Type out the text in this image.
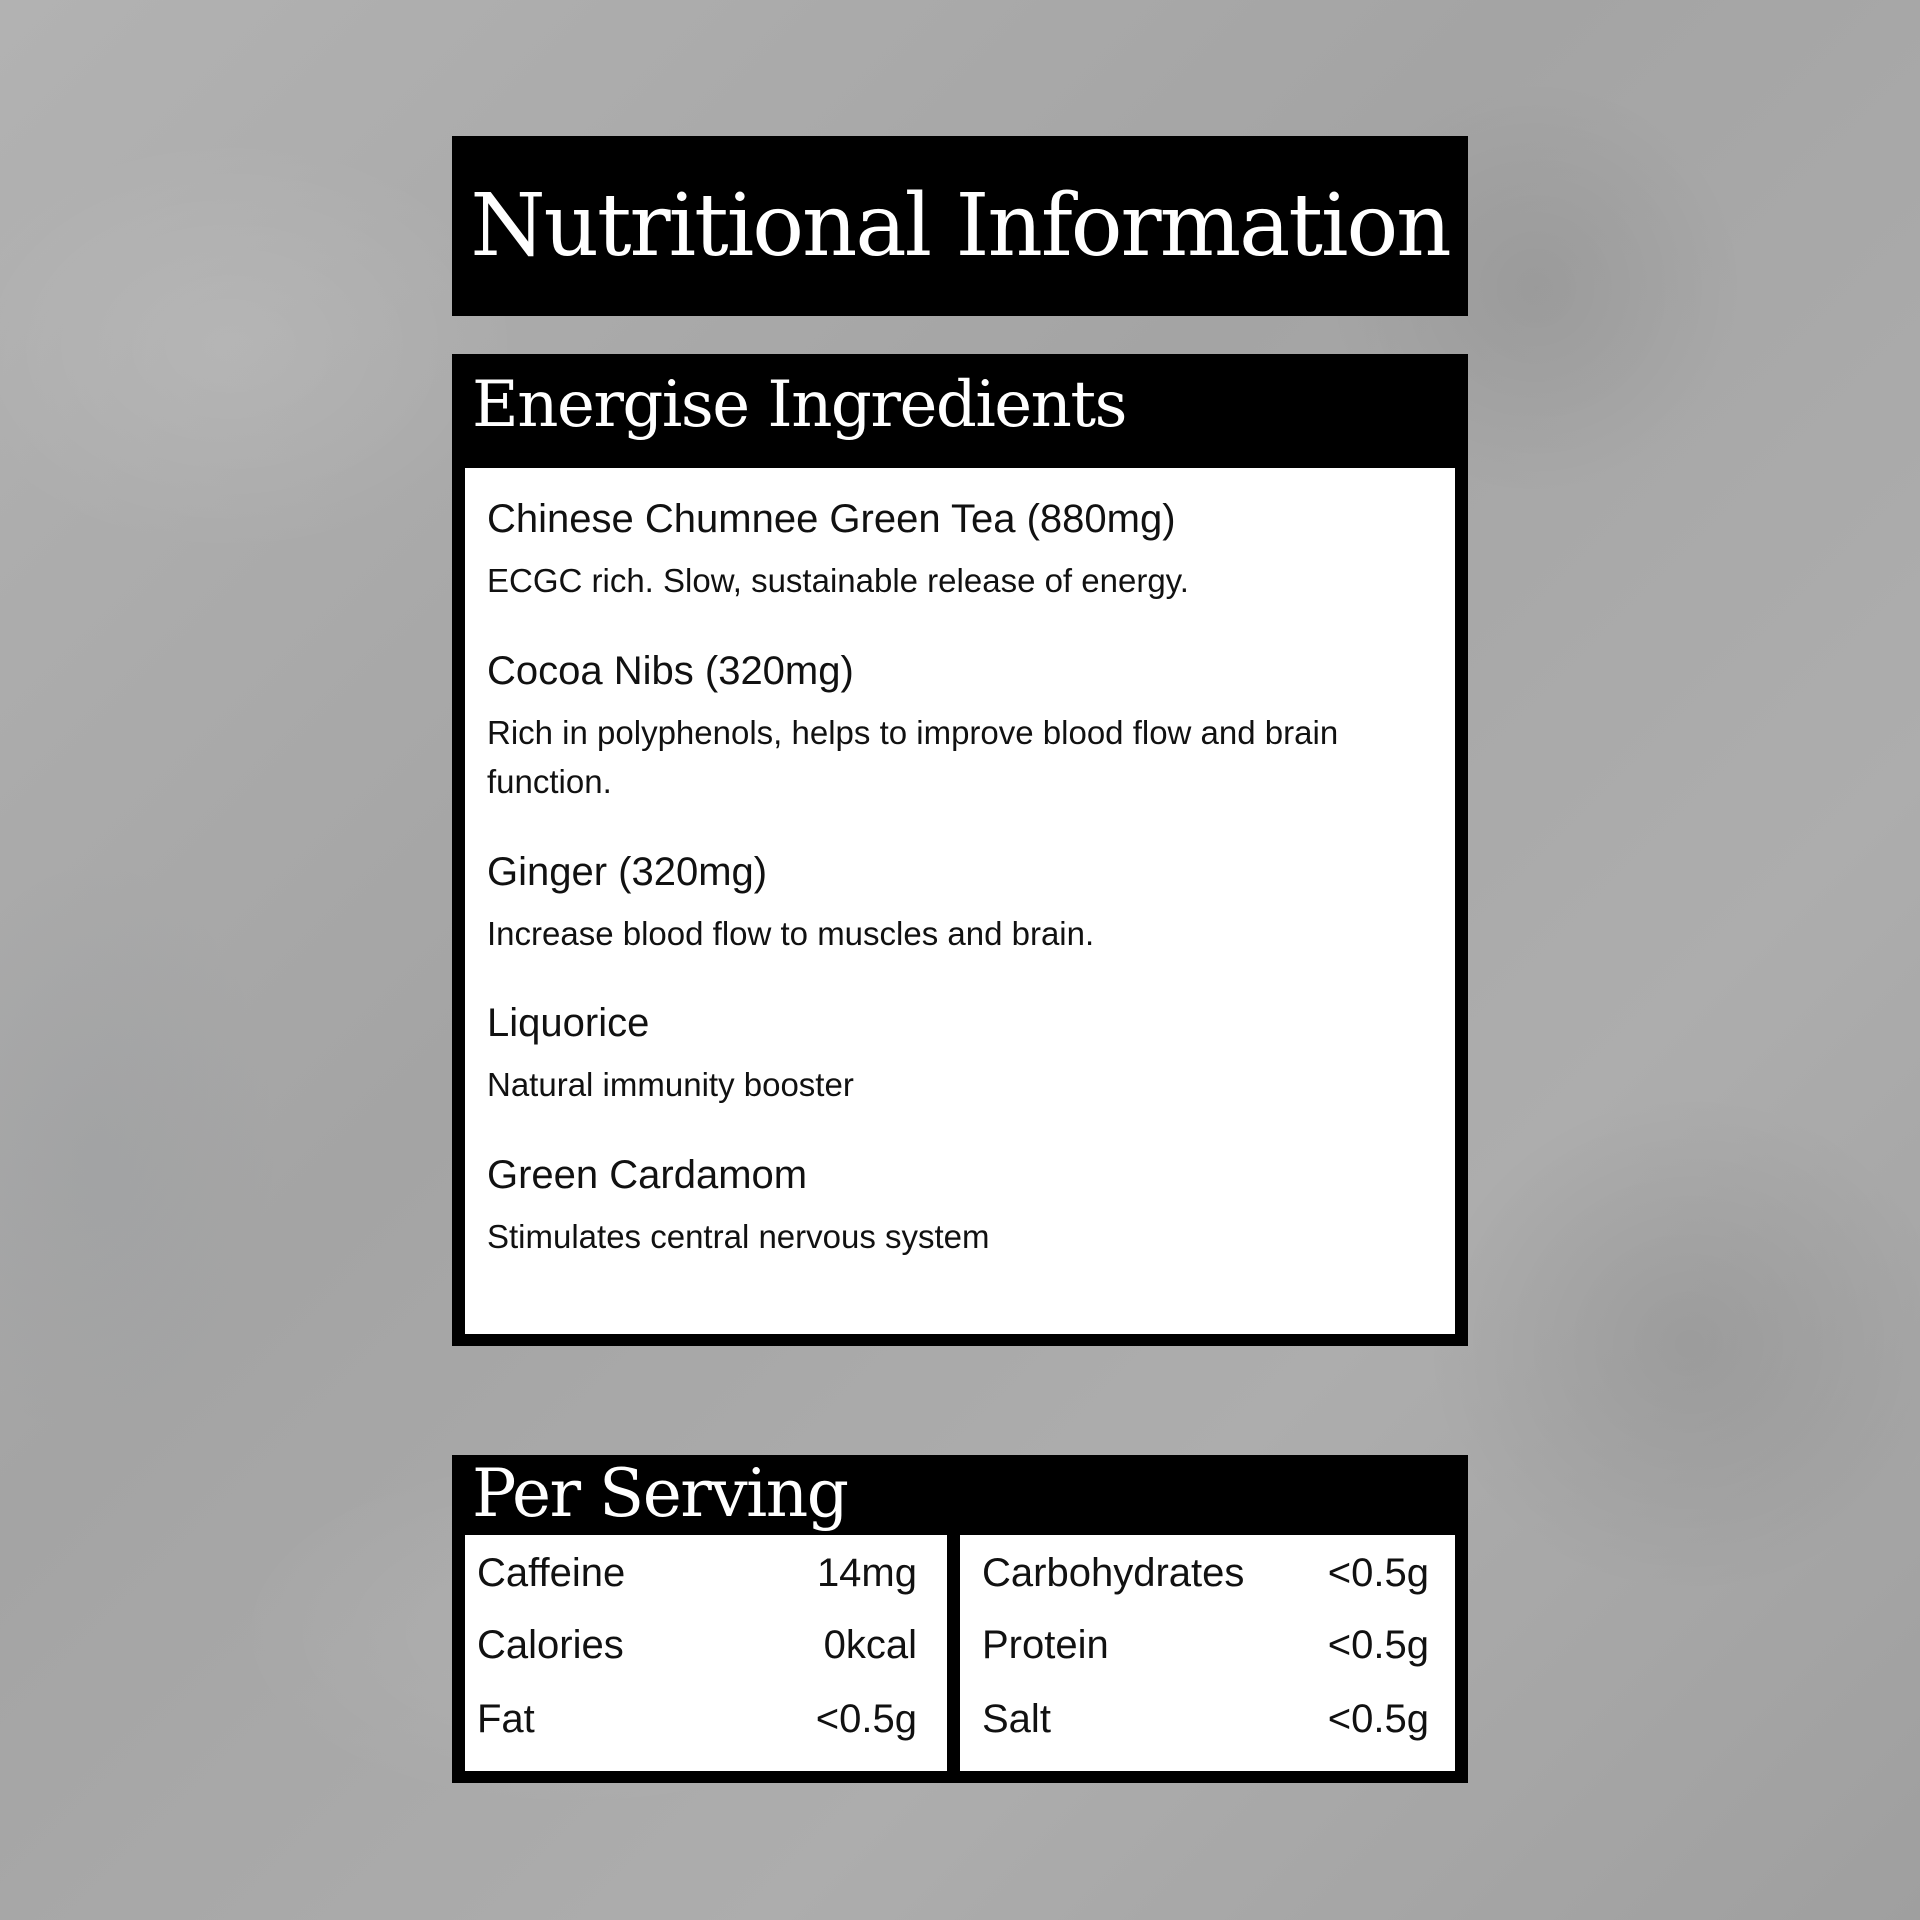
Nutritional Information
Energise Ingredients

Chinese Chumnee Green Tea (880mg)

ECGC rich. Slow, sustainable release of energy.

Cocoa Nibs (320mg)

Rich in polyphenols, helps to improve blood flow and brain function.

Ginger (320mg)

Increase blood flow to muscles and brain.

Liquorice

Natural immunity booster

Green Cardamom

Stimulates central nervous system

Per Serving
Caffeine	14mg
Calories	0kcal
Fat	<0.5g
Carbohydrates <0.5g
Protein	<0.5g
Salt	<0.5g
